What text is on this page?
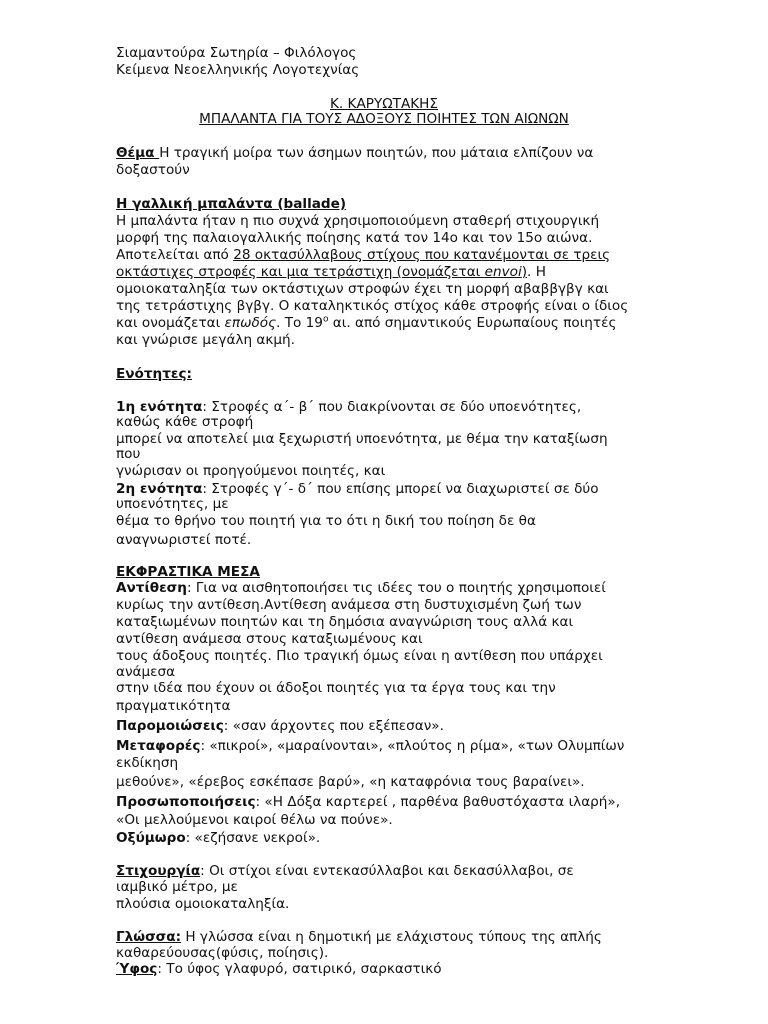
Σιαμαντούρα Σωτηρία – Φιλόλογος
Κείμενα Νεοελληνικής Λογοτεχνίας
Κ. ΚΑΡΥΩΤΑΚΗΣ
ΜΠΑΛΑΝΤΑ ΓΙΑ ΤΟΥΣ ΑΔΟΞΟΥΣ ΠΟΙΗΤΕΣ ΤΩΝ ΑΙΩΝΩΝ
Θέμα Η τραγική μοίρα των άσημων ποιητών, που μάταια ελπίζουν να
δοξαστούν
Η γαλλική μπαλάντα (ballade)
Η μπαλάντα ήταν η πιο συχνά χρησιμοποιούμενη σταθερή στιχουργική
μορφή της παλαιογαλλικής ποίησης κατά τον 14ο και τον 15ο αιώνα.
Αποτελείται από 28 οκτασύλλαβους στίχους που κατανέμονται σε τρεις
οκτάστιχες στροφές και μια τετράστιχη (ονομάζεται envoi). Η
ομοιοκαταληξία των οκτάστιχων στροφών έχει τη μορφή αβαββγβγ και
της τετράστιχης βγβγ. Ο καταληκτικός στίχος κάθε στροφής είναι ο ίδιος
και ονομάζεται επωδός. Το $19^o$ αι. από σημαντικούς Ευρωπαίους ποιητές
και γνώρισε μεγάλη ακμή.
Ενότητες:
1η ενότητα: Στροφές α΄- β΄ που διακρίνονται σε δύο υποενότητες,
καθώς κάθε στροφή
μπορεί να αποτελεί μια ξεχωριστή υποενότητα, με θέμα την καταξίωση
που
γνώρισαν οι προηγούμενοι ποιητές, και
2η ενότητα: Στροφές γ΄- δ΄ που επίσης μπορεί να διαχωριστεί σε δύο
υποενότητες, με
θέμα το θρήνο του ποιητή για το ότι η δική του ποίηση δε θα
αναγνωριστεί ποτέ.
ΕΚΦΡΑΣΤΙΚΑ ΜΕΣΑ
Αντίθεση: Για να αισθητοποιήσει τις ιδέες του ο ποιητής χρησιμοποιεί
κυρίως την αντίθεση.Αντίθεση ανάμεσα στη δυστυχισμένη ζωή των
καταξιωμένων ποιητών και τη δημόσια αναγνώριση τους αλλά και
αντίθεση ανάμεσα στους καταξιωμένους και
τους άδοξους ποιητές. Πιο τραγική όμως είναι η αντίθεση που υπάρχει
ανάμεσα
στην ιδέα που έχουν οι άδοξοι ποιητές για τα έργα τους και την
πραγματικότητα
Παρομοιώσεις: «σαν άρχοντες που εξέπεσαν».
Μεταφορές: «πικροί», «μαραίνονται», «πλούτος η ρίμα», «των Ολυμπίων
εκδίκηση
μεθούνε», «έρεβος εσκέπασε βαρύ», «η καταφρόνια τους βαραίνει».
Προσωποποιήσεις: «Η Δόξα καρτερεί , παρθένα βαθυστόχαστα ιλαρή»,
«Οι μελλούμενοι καιροί θέλω να πούνε».
Οξύμωρο: «εζήσανε νεκροί».
Στιχουργία: Οι στίχοι είναι εντεκασύλλαβοι και δεκασύλλαβοι, σε
ιαμβικό μέτρο, με
πλούσια ομοιοκαταληξία.
Γλώσσα: Η γλώσσα είναι η δημοτική με ελάχιστους τύπους της απλής
καθαρεύουσας(φύσις, ποίησις).
Ύφος: Το ύφος γλαφυρό, σατιρικό, σαρκαστικό
